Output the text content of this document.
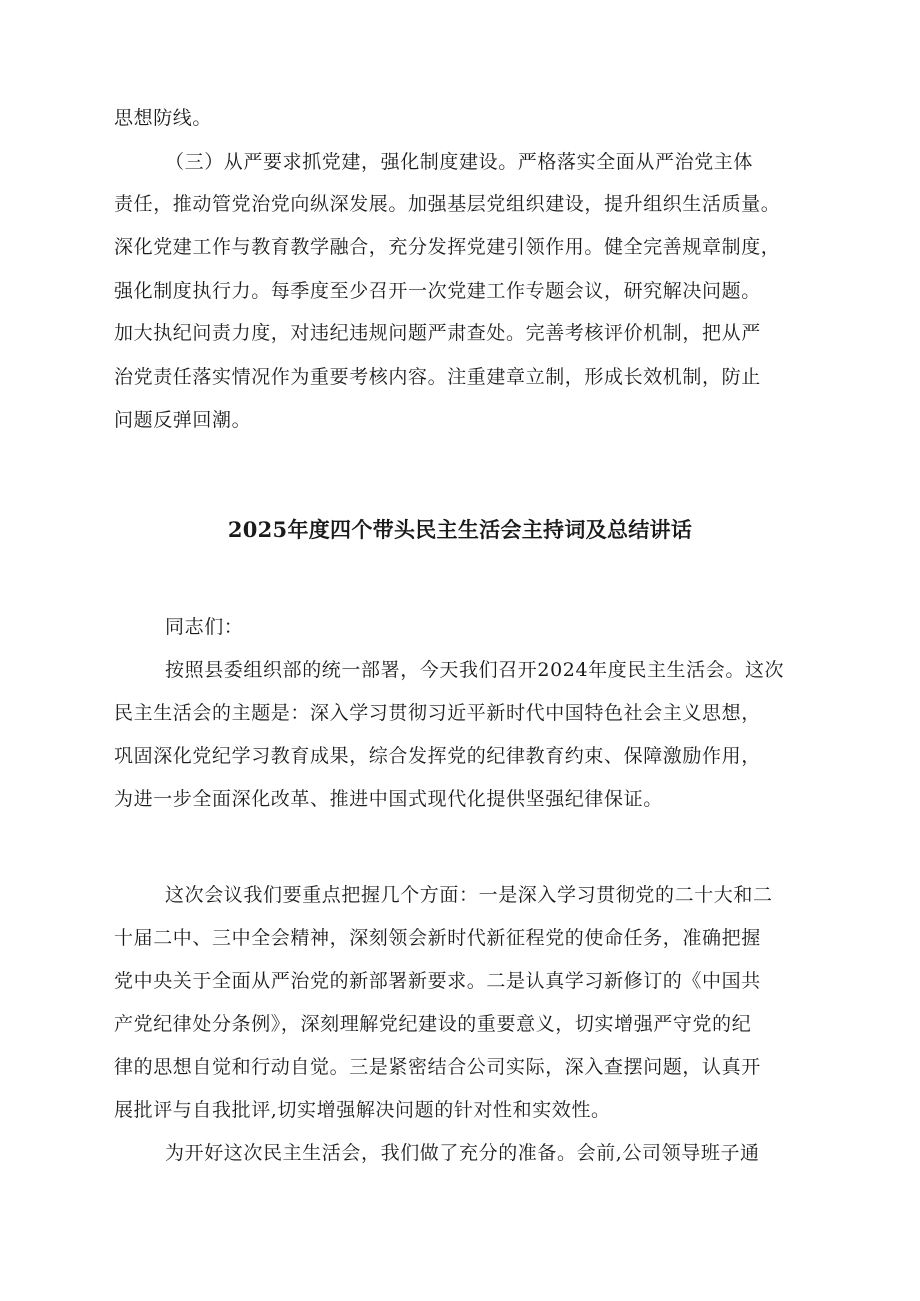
思想防线。
（三）从严要求抓党建，强化制度建设。严格落实全面从严治党主体
责任，推动管党治党向纵深发展。加强基层党组织建设，提升组织生活质量。
深化党建工作与教育教学融合，充分发挥党建引领作用。健全完善规章制度，
强化制度执行力。每季度至少召开一次党建工作专题会议，研究解决问题。
加大执纪问责力度，对违纪违规问题严肃查处。完善考核评价机制，把从严
治党责任落实情况作为重要考核内容。注重建章立制，形成长效机制，防止
问题反弹回潮。
2025年度四个带头民主生活会主持词及总结讲话
同志们：
按照县委组织部的统一部署，今天我们召开2024年度民主生活会。这次
民主生活会的主题是：深入学习贯彻习近平新时代中国特色社会主义思想，
巩固深化党纪学习教育成果，综合发挥党的纪律教育约束、保障激励作用，
为进一步全面深化改革、推进中国式现代化提供坚强纪律保证。
这次会议我们要重点把握几个方面：一是深入学习贯彻党的二十大和二
十届二中、三中全会精神，深刻领会新时代新征程党的使命任务，准确把握
党中央关于全面从严治党的新部署新要求。二是认真学习新修订的《中国共
产党纪律处分条例》，深刻理解党纪建设的重要意义，切实增强严守党的纪
律的思想自觉和行动自觉。三是紧密结合公司实际，深入查摆问题，认真开
展批评与自我批评,切实增强解决问题的针对性和实效性。
为开好这次民主生活会，我们做了充分的准备。会前,公司领导班子通
